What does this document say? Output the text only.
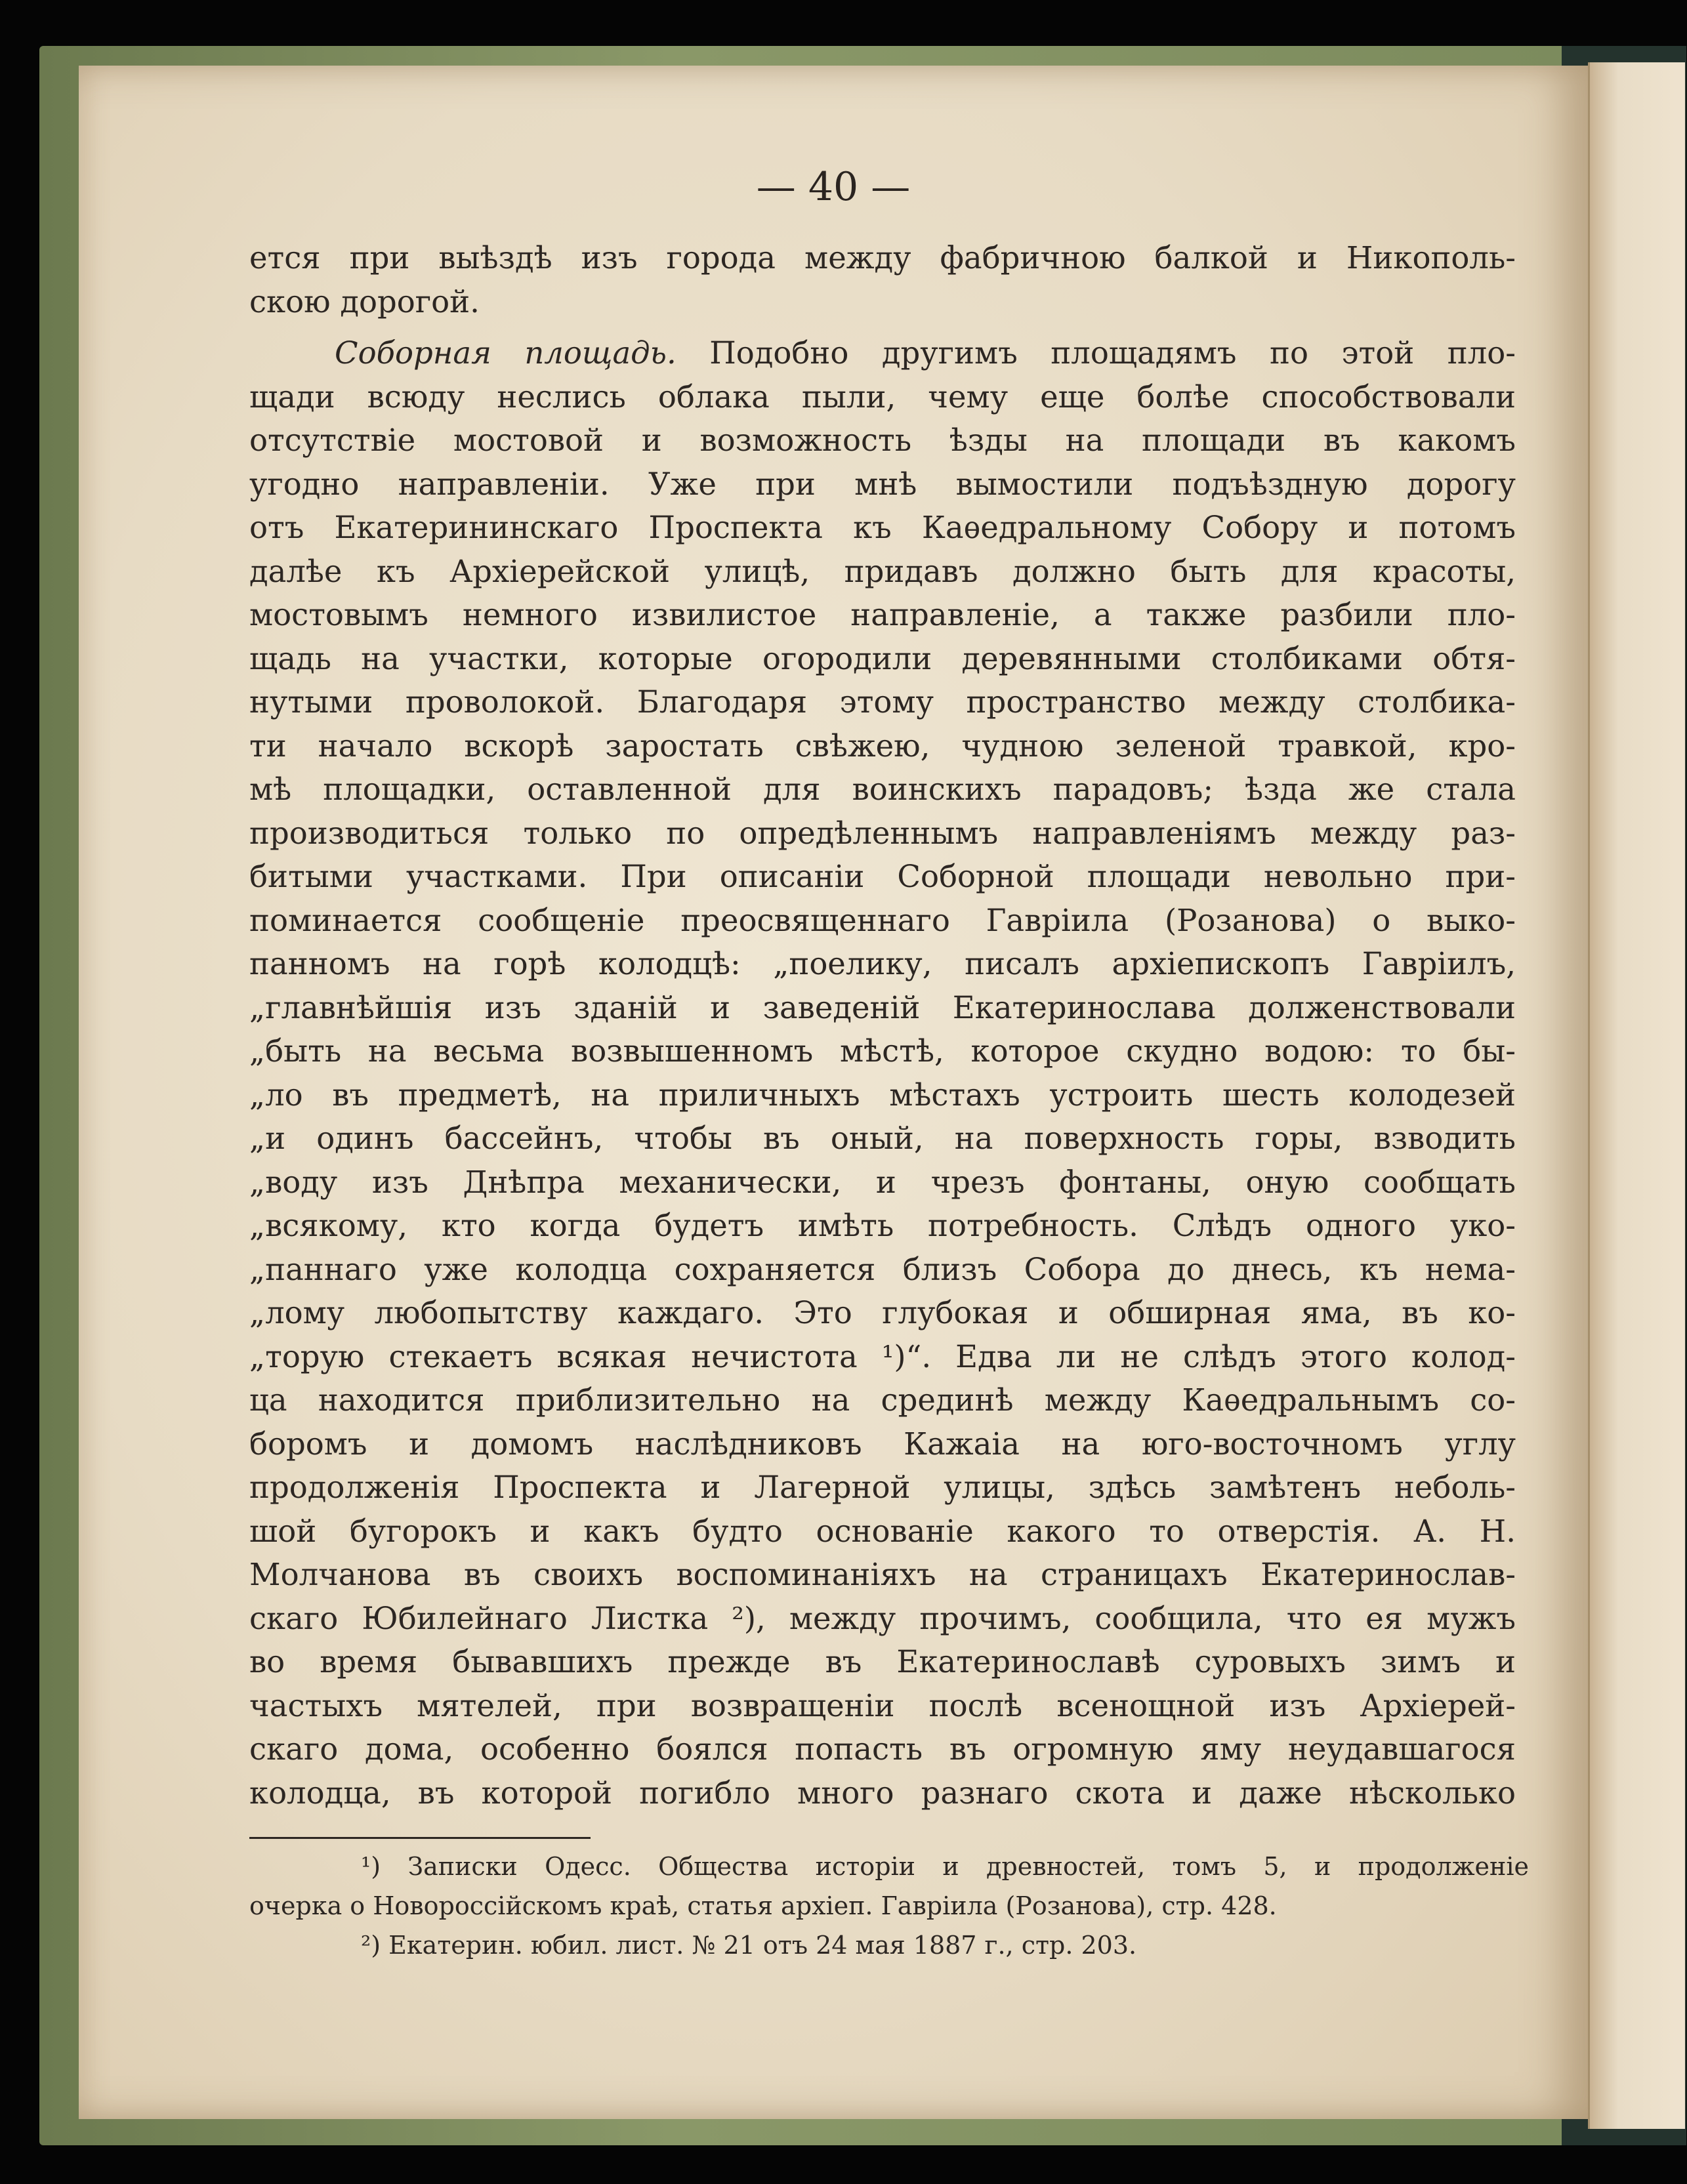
— 40 —
ется при выѣздѣ изъ города между фабричною балкой и Никополь-
скою дорогой.
Соборная площадь. Подобно другимъ площадямъ по этой пло-
щади всюду неслись облака пыли, чему еще болѣе способствовали
отсутствіе мостовой и возможность ѣзды на площади въ какомъ
угодно направленіи. Уже при мнѣ вымостили подъѣздную дорогу
отъ Екатерининскаго Проспекта къ Каѳедральному Собору и потомъ
далѣе къ Архіерейской улицѣ, придавъ должно быть для красоты,
мостовымъ немного извилистое направленіе, а также разбили пло-
щадь на участки, которые огородили деревянными столбиками обтя-
нутыми проволокой. Благодаря этому пространство между столбика-
ти начало вскорѣ заростать свѣжею, чудною зеленой травкой, кро-
мѣ площадки, оставленной для воинскихъ парадовъ; ѣзда же стала
производиться только по опредѣленнымъ направленіямъ между раз-
битыми участками. При описаніи Соборной площади невольно при-
поминается сообщеніе преосвященнаго Гавріила (Розанова) о выко-
панномъ на горѣ колодцѣ: „поелику, писалъ архіепископъ Гавріилъ,
„главнѣйшія изъ зданій и заведеній Екатеринослава долженствовали
„быть на весьма возвышенномъ мѣстѣ, которое скудно водою: то бы-
„ло въ предметѣ, на приличныхъ мѣстахъ устроить шесть колодезей
„и одинъ бассейнъ, чтобы въ оный, на поверхность горы, взводить
„воду изъ Днѣпра механически, и чрезъ фонтаны, оную сообщать
„всякому, кто когда будетъ имѣть потребность. Слѣдъ одного уко-
„паннаго уже колодца сохраняется близъ Собора до днесь, къ нема-
„лому любопытству каждаго. Это глубокая и обширная яма, въ ко-
„торую стекаетъ всякая нечистота ¹)“. Едва ли не слѣдъ этого колод-
ца находится приблизительно на срединѣ между Каѳедральнымъ со-
боромъ и домомъ наслѣдниковъ Кажаіа на юго-восточномъ углу
продолженія Проспекта и Лагерной улицы, здѣсь замѣтенъ неболь-
шой бугорокъ и какъ будто основаніе какого то отверстія. А. Н.
Молчанова въ своихъ воспоминаніяхъ на страницахъ Екатеринослав-
скаго Юбилейнаго Листка ²), между прочимъ, сообщила, что ея мужъ
во время бывавшихъ прежде въ Екатеринославѣ суровыхъ зимъ и
частыхъ мятелей, при возвращеніи послѣ всенощной изъ Архіерей-
скаго дома, особенно боялся попасть въ огромную яму неудавшагося
колодца, въ которой погибло много разнаго скота и даже нѣсколько
¹) Записки Одесс. Общества исторіи и древностей, томъ 5, и продолженіе
очерка о Новороссійскомъ краѣ, статья архіеп. Гавріила (Розанова), стр. 428.
²) Екатерин. юбил. лист. № 21 отъ 24 мая 1887 г., стр. 203.
